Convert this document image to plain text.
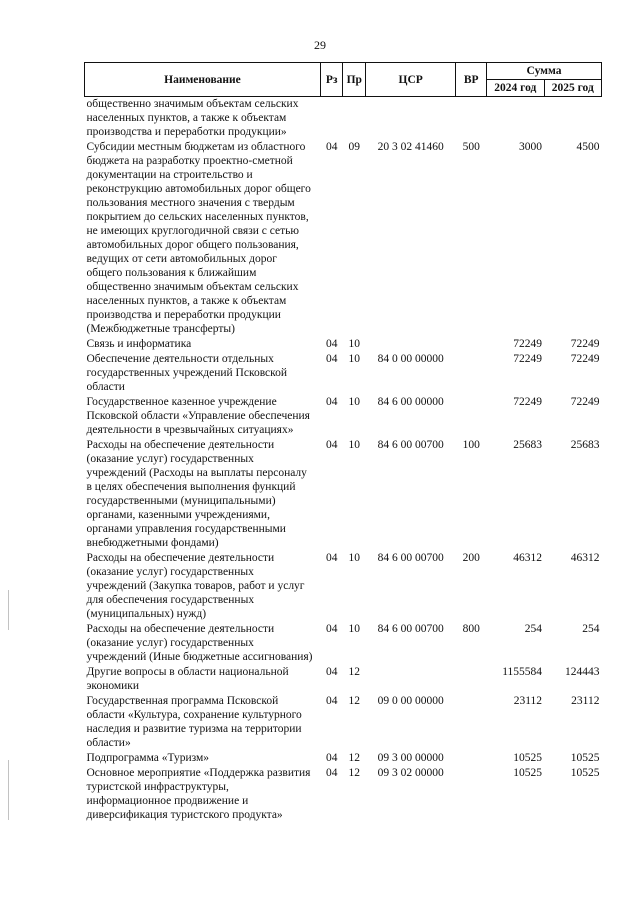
29
Наименование	Рз	Пр	ЦСР	ВР	Сумма	
					2024 год	2025 год
общественно значимым объектам сельских населенных пунктов, а также к объектам производства и переработки продукции»						
Субсидии местным бюджетам из областного бюджета на разработку проектно-сметной документации на строительство и реконструкцию автомобильных дорог общего пользования местного значения с твердым покрытием до сельских населенных пунктов, не имеющих круглогодичной связи с сетью автомобильных дорог общего пользования, ведущих от сети автомобильных дорог общего пользования к ближайшим общественно значимым объектам сельских населенных пунктов, а также к объектам производства и переработки продукции (Межбюджетные трансферты)	04	09	20 3 02 41460	500	3000	4500
Связь и информатика	04	10			72249	72249
Обеспечение деятельности отдельных государственных учреждений Псковской области	04	10	84 0 00 00000		72249	72249
Государственное казенное учреждение Псковской области «Управление обеспечения деятельности в чрезвычайных ситуациях»	04	10	84 6 00 00000		72249	72249
Расходы на обеспечение деятельности (оказание услуг) государственных учреждений (Расходы на выплаты персоналу в целях обеспечения выполнения функций государственными (муниципальными) органами, казенными учреждениями, органами управления государственными внебюджетными фондами)	04	10	84 6 00 00700	100	25683	25683
Расходы на обеспечение деятельности (оказание услуг) государственных учреждений (Закупка товаров, работ и услуг для обеспечения государственных (муниципальных) нужд)	04	10	84 6 00 00700	200	46312	46312
Расходы на обеспечение деятельности (оказание услуг) государственных учреждений (Иные бюджетные ассигнования)	04	10	84 6 00 00700	800	254	254
Другие вопросы в области национальной экономики	04	12			1155584	124443
Государственная программа Псковской области «Культура, сохранение культурного наследия и развитие туризма на территории области»	04	12	09 0 00 00000		23112	23112
Подпрограмма «Туризм»	04	12	09 3 00 00000		10525	10525
Основное мероприятие «Поддержка развития туристской инфраструктуры, информационное продвижение и диверсификация туристского продукта»	04	12	09 3 02 00000		10525	10525
